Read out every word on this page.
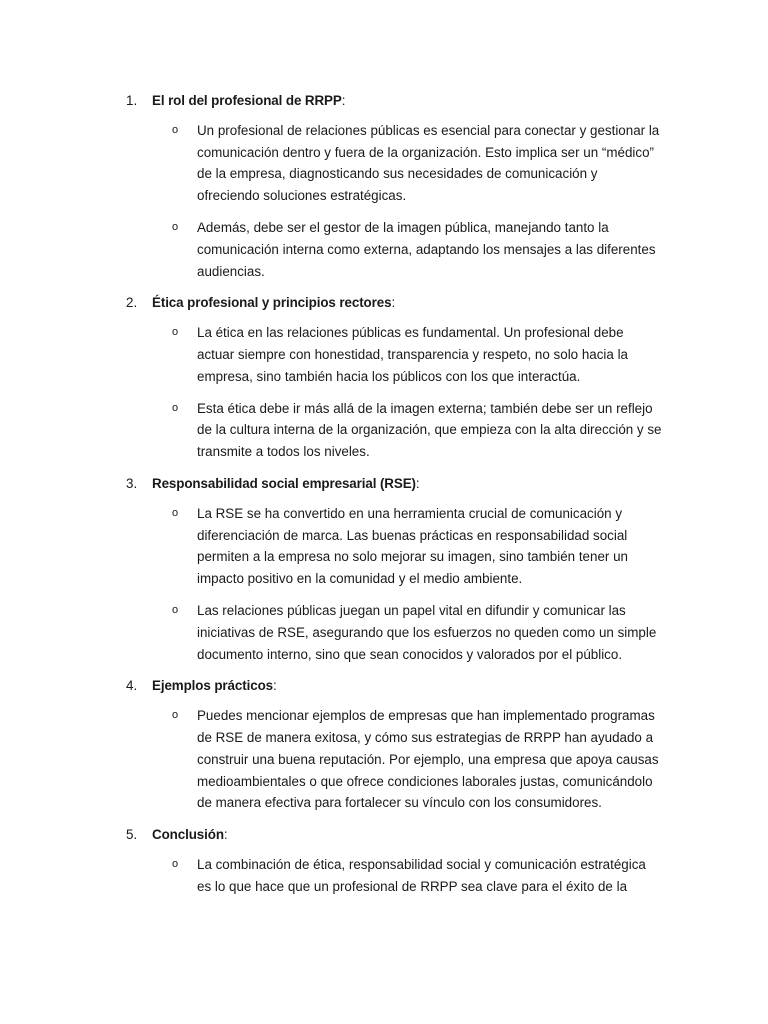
1.	El rol del profesional de RRPP :
o	Un profesional de relaciones públicas es esencial para conectar y gestionar la comunicación dentro y fuera de la organización. Esto implica ser un “médico” de la empresa, diagnosticando sus necesidades de comunicación y ofreciendo soluciones estratégicas.
o	Además, debe ser el gestor de la imagen pública, manejando tanto la comunicación interna como externa, adaptando los mensajes a las diferentes audiencias.
2.	Ética profesional y principios rectores :
o	La ética en las relaciones públicas es fundamental. Un profesional debe actuar siempre con honestidad, transparencia y respeto, no solo hacia la empresa, sino también hacia los públicos con los que interactúa.
o	Esta ética debe ir más allá de la imagen externa; también debe ser un reflejo de la cultura interna de la organización, que empieza con la alta dirección y se transmite a todos los niveles.
3.	Responsabilidad social empresarial (RSE) :
o	La RSE se ha convertido en una herramienta crucial de comunicación y diferenciación de marca. Las buenas prácticas en responsabilidad social permiten a la empresa no solo mejorar su imagen, sino también tener un impacto positivo en la comunidad y el medio ambiente.
o	Las relaciones públicas juegan un papel vital en difundir y comunicar las iniciativas de RSE, asegurando que los esfuerzos no queden como un simple documento interno, sino que sean conocidos y valorados por el público.
4.	Ejemplos prácticos :
o	Puedes mencionar ejemplos de empresas que han implementado programas de RSE de manera exitosa, y cómo sus estrategias de RRPP han ayudado a construir una buena reputación. Por ejemplo, una empresa que apoya causas medioambientales o que ofrece condiciones laborales justas, comunicándolo de manera efectiva para fortalecer su vínculo con los consumidores.
5.	Conclusión :
o	La combinación de ética, responsabilidad social y comunicación estratégica es lo que hace que un profesional de RRPP sea clave para el éxito de la
